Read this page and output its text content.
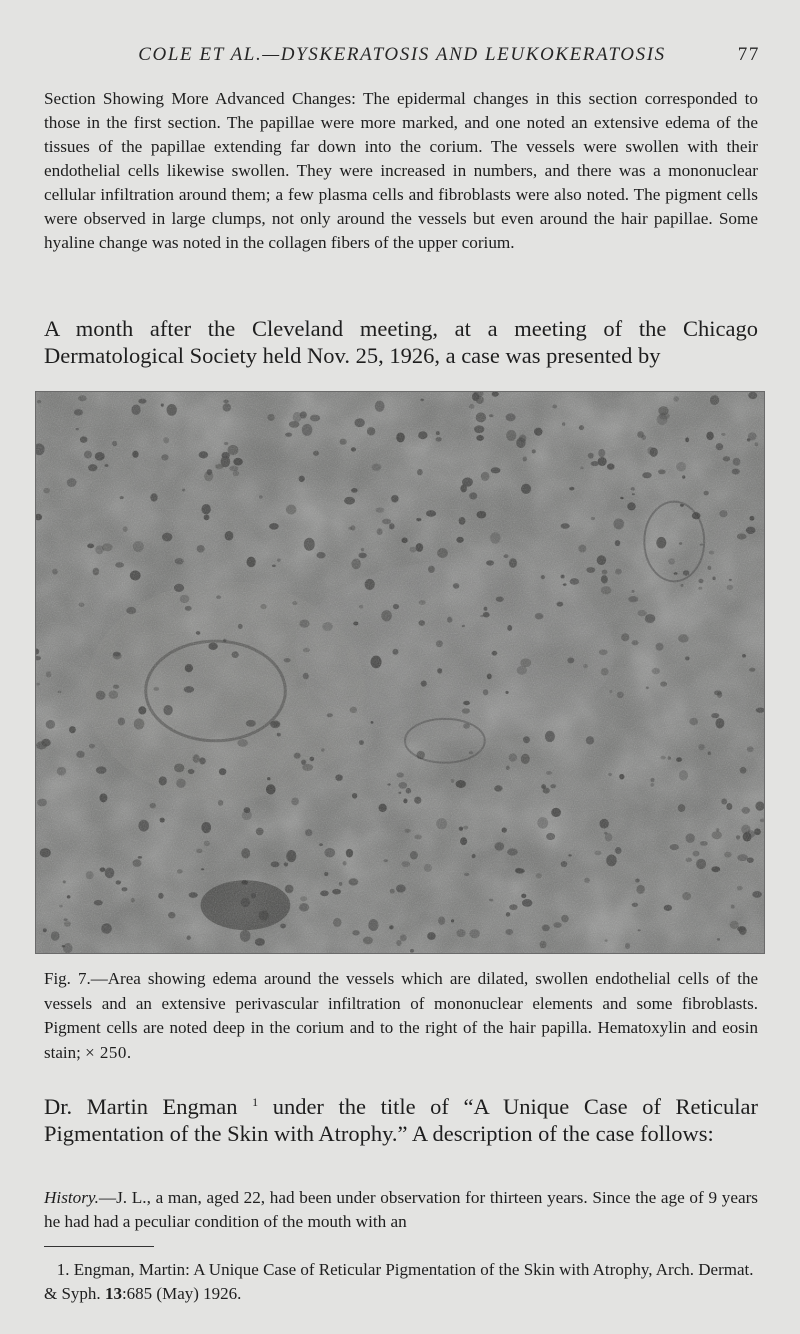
COLE ET AL.—DYSKERATOSIS AND LEUKOKERATOSIS	77
Section Showing More Advanced Changes: The epidermal changes in this section corresponded to those in the first section. The papillae were more marked, and one noted an extensive edema of the tissues of the papillae extending far down into the corium. The vessels were swollen with their endothelial cells likewise swollen. They were increased in numbers, and there was a mononuclear cellular infiltration around them; a few plasma cells and fibroblasts were also noted. The pigment cells were observed in large clumps, not only around the vessels but even around the hair papillae. Some hyaline change was noted in the collagen fibers of the upper corium.
A month after the Cleveland meeting, at a meeting of the Chicago Dermatological Society held Nov. 25, 1926, a case was presented by
Fig. 7.—Area showing edema around the vessels which are dilated, swollen endothelial cells of the vessels and an extensive perivascular infiltration of mononuclear elements and some fibroblasts. Pigment cells are noted deep in the corium and to the right of the hair papilla. Hematoxylin and eosin stain; × 250.
Dr. Martin Engman $^1$ under the title of “A Unique Case of Reticular Pigmentation of the Skin with Atrophy.” A description of the case follows:
History.—J. L., a man, aged 22, had been under observation for thirteen years. Since the age of 9 years he had had a peculiar condition of the mouth with an
1. Engman, Martin: A Unique Case of Reticular Pigmentation of the Skin with Atrophy, Arch. Dermat. & Syph. 13:685 (May) 1926.
